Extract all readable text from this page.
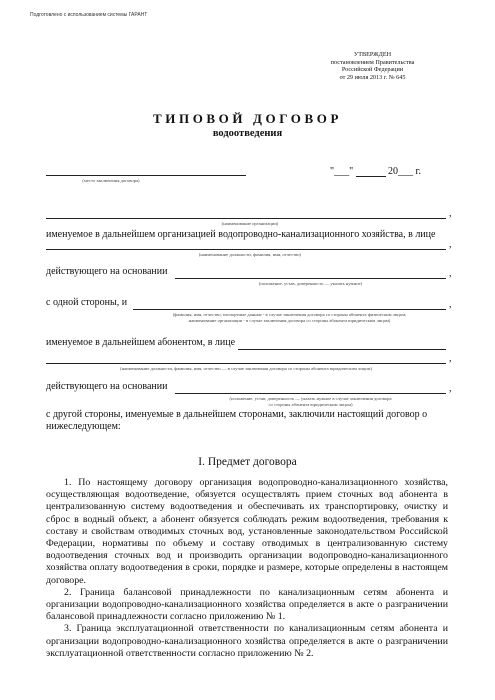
Подготовлено с использованием системы ГАРАНТ
УТВЕРЖДЕН
постановлением Правительства
Российской Федерации
от 29 июля 2013 г. № 645
ТИПОВОЙ ДОГОВОР
водоотведения
(место заключения договора)
"___"	20___ г.
,
(наименование организации)
именуемое в дальнейшем организацией водопроводно-канализационного хозяйства, в лице
,
(наименование должности, фамилия, имя, отчество)
действующего на основании	,
(положение, устав, доверенность — указать нужное)
с одной стороны, и	,
(фамилия, имя, отчество, паспортные данные - в случае заключения договора со стороны абонента физическим лицом;
наименование организации - в случае заключения договора со стороны абонента юридическим лицом)
именуемое в дальнейшем абонентом, в лице
,
(наименование должности, фамилия, имя, отчество — в случае заключения договора со стороны абонента юридическим лицом)
действующего на основании	,
(положение, устав, доверенность — указать нужное в случае заключения договора
со стороны абонента юридическим лицом)
с другой стороны, именуемые в дальнейшем сторонами, заключили настоящий договор о
нижеследующем:
I. Предмет договора

1. По настоящему договору организация водопроводно-канализационного хозяйства, осуществляющая водоотведение, обязуется осуществлять прием сточных вод абонента в централизованную систему водоотведения и обеспечивать их транспортировку, очистку и сброс в водный объект, а абонент обязуется соблюдать режим водоотведения, требования к составу и свойствам отводимых сточных вод, установленные законодательством Российской Федерации, нормативы по объему и составу отводимых в централизованную систему водоотведения сточных вод и производить организации водопроводно-канализационного хозяйства оплату водоотведения в сроки, порядке и размере, которые определены в настоящем договоре.

2. Граница балансовой принадлежности по канализационным сетям абонента и организации водопроводно-канализационного хозяйства определяется в акте о разграничении балансовой принадлежности согласно приложению № 1.

3. Граница эксплуатационной ответственности по канализационным сетям абонента и организации водопроводно-канализационного хозяйства определяется в акте о разграничении эксплуатационной ответственности согласно приложению № 2.
